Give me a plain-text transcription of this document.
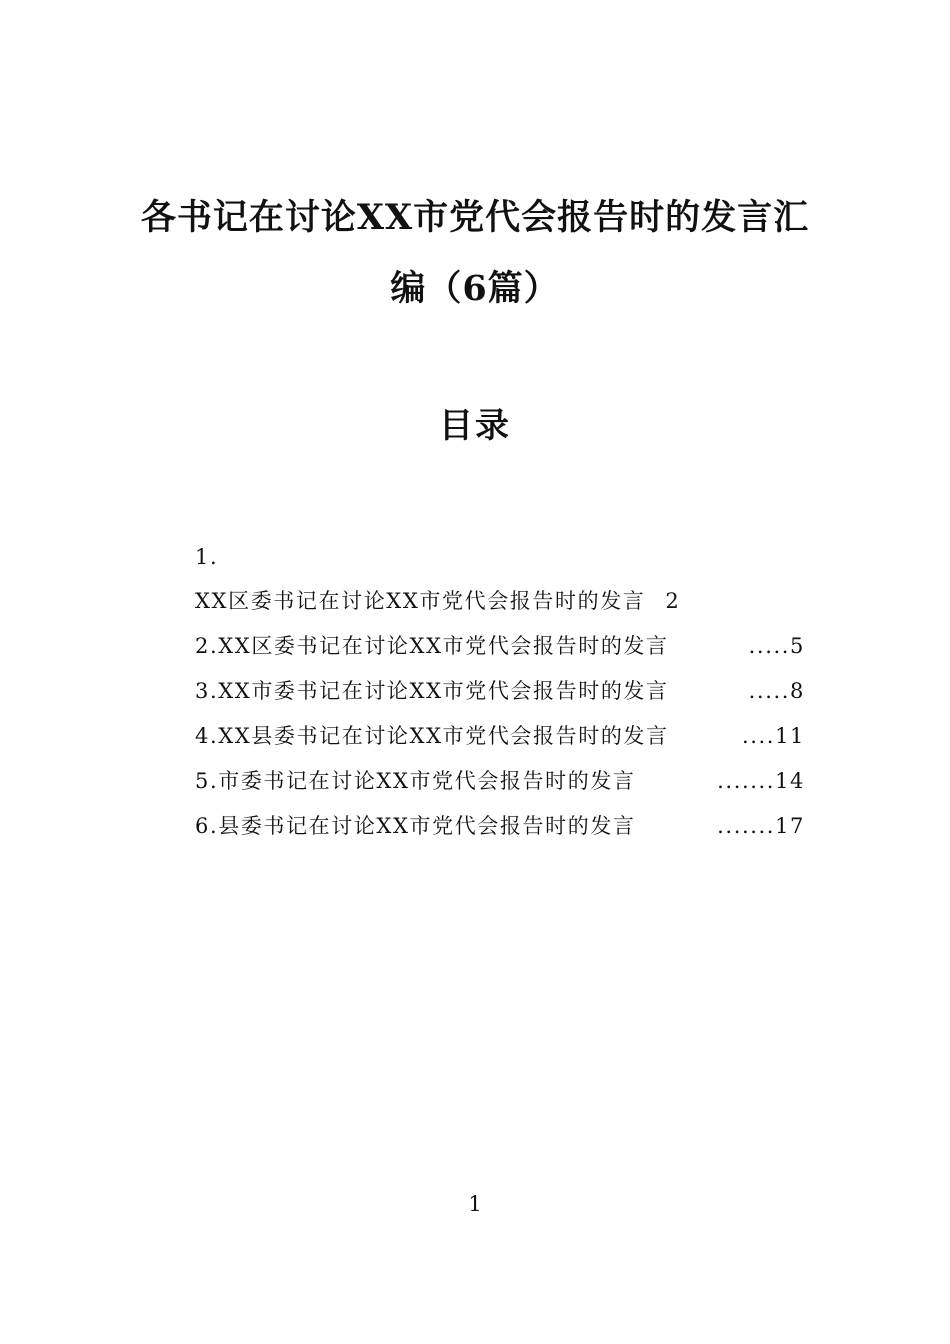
各书记在讨论XX市党代会报告时的发言汇
编（6篇）
目录
1.
XX区委书记在讨论XX市党代会报告时的发言 2
2.XX区委书记在讨论XX市党代会报告时的发言	..... 5
3.XX市委书记在讨论XX市党代会报告时的发言	..... 8
4.XX县委书记在讨论XX市党代会报告时的发言	.... 11
5.市委书记在讨论XX市党代会报告时的发言	....... 14
6.县委书记在讨论XX市党代会报告时的发言	....... 17
1
